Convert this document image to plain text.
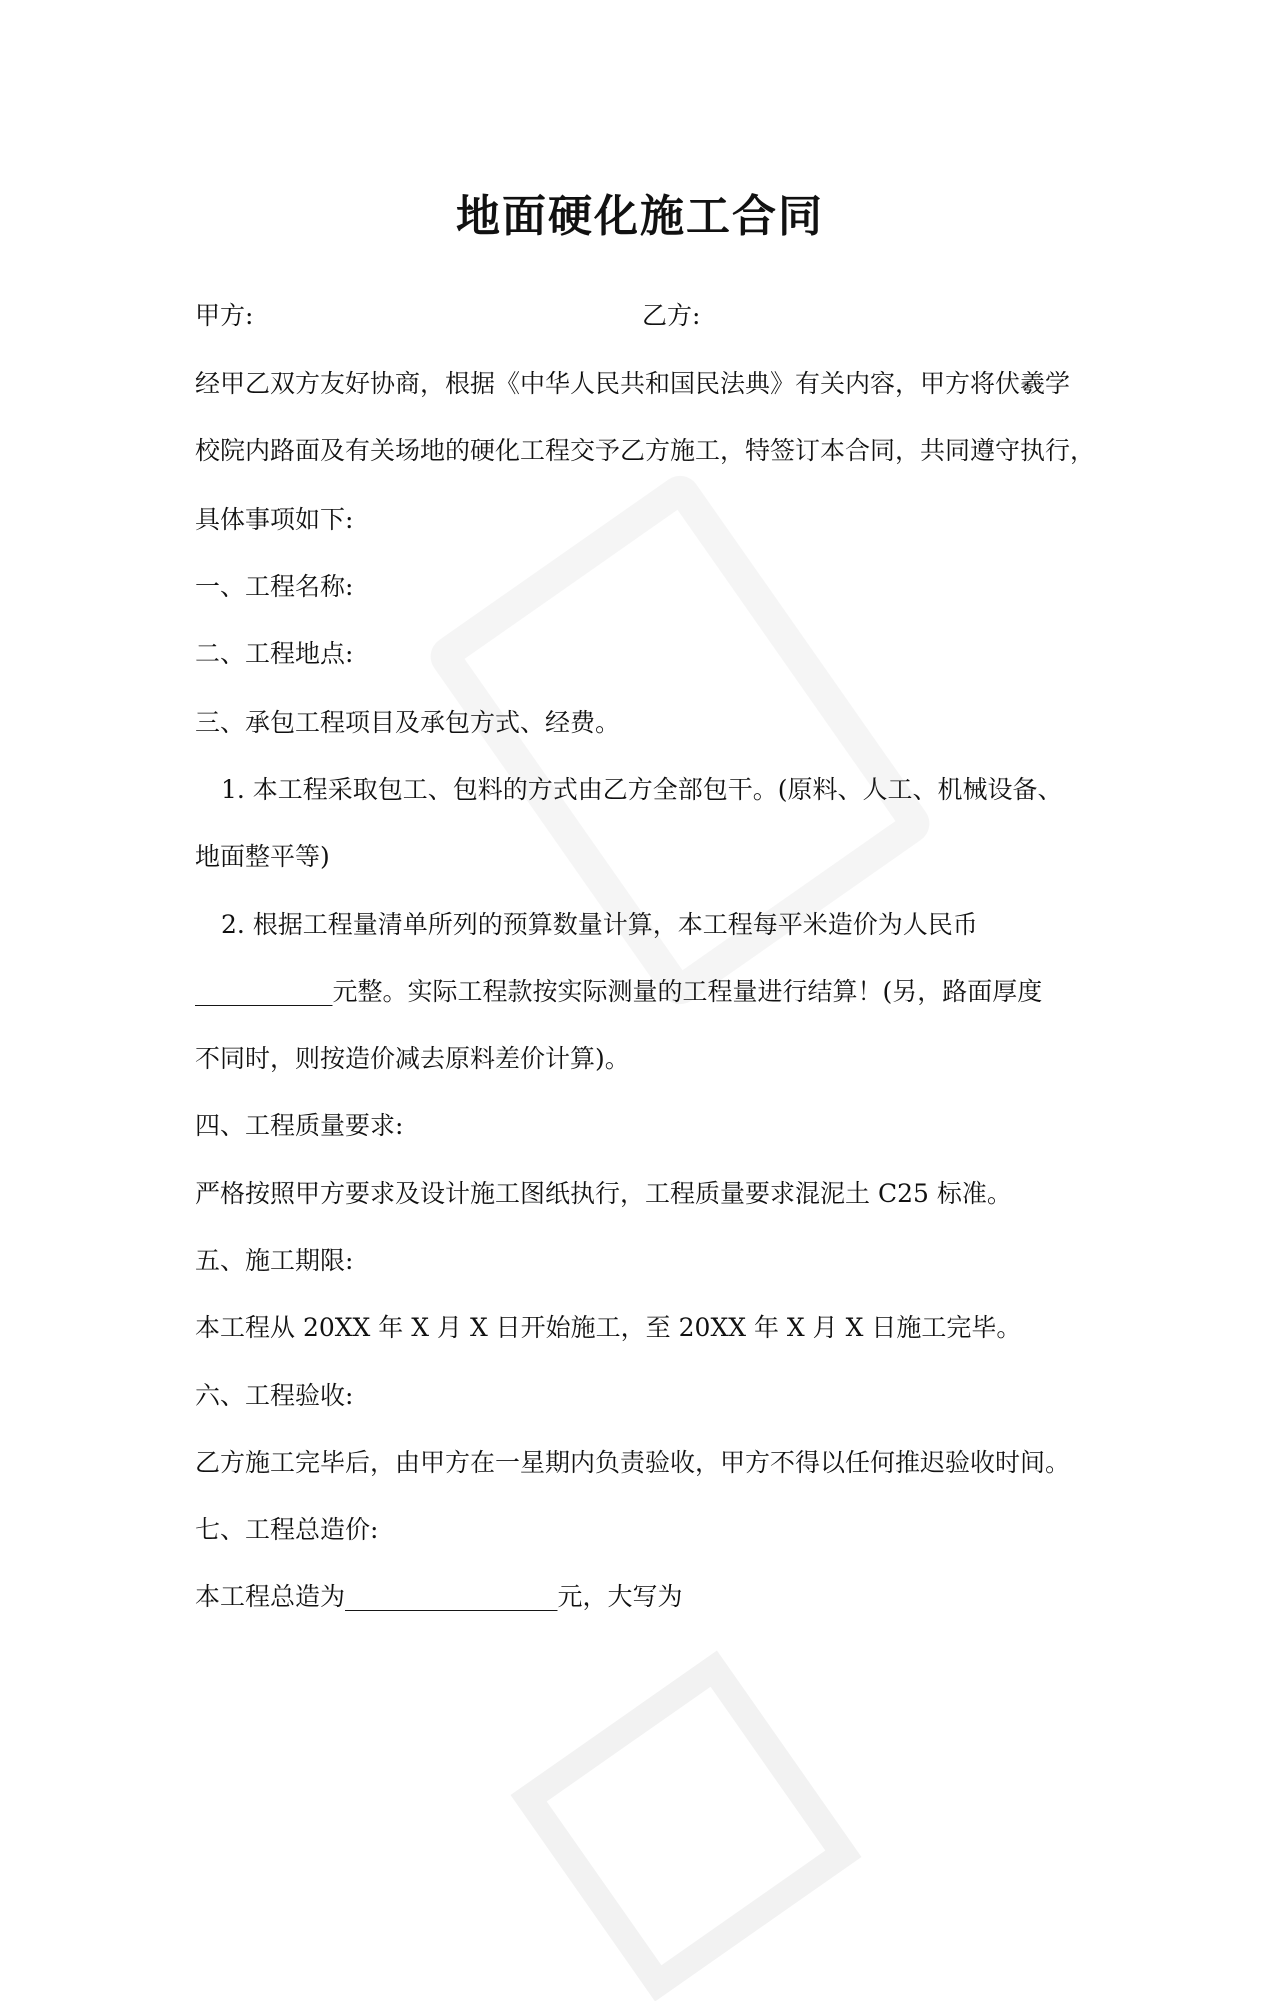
地面硬化施工合同
甲方:	乙方:
经甲乙双方友好协商，根据《中华人民共和国民法典》有关内容，甲方将伏羲学
校院内路面及有关场地的硬化工程交予乙方施工，特签订本合同，共同遵守执行，
具体事项如下:
一、工程名称:
二、工程地点:
三、承包工程项目及承包方式、经费。
1. 本工程采取包工、包料的方式由乙方全部包干。(原料、人工、机械设备、
地面整平等)
2. 根据工程量清单所列的预算数量计算，本工程每平米造价为人民币
___________元整。实际工程款按实际测量的工程量进行结算！(另，路面厚度
不同时，则按造价减去原料差价计算)。
四、工程质量要求:
严格按照甲方要求及设计施工图纸执行，工程质量要求混泥土 C25 标准。
五、施工期限:
本工程从 20XX 年 X 月 X 日开始施工，至 20XX 年 X 月 X 日施工完毕。
六、工程验收:
乙方施工完毕后，由甲方在一星期内负责验收，甲方不得以任何推迟验收时间。
七、工程总造价:
本工程总造为_________________元，大写为
